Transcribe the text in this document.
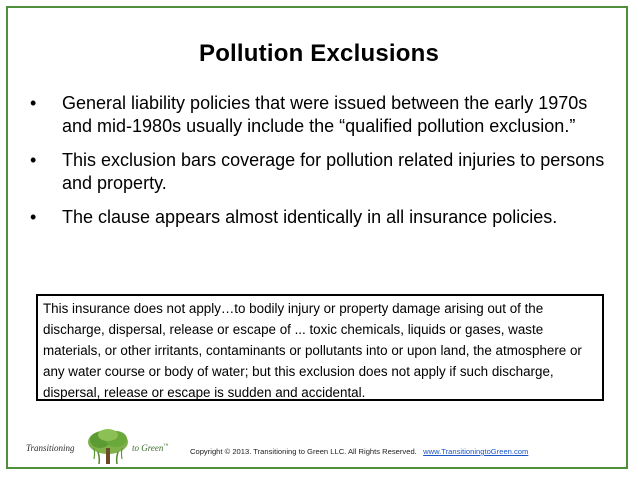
Pollution Exclusions
• General liability policies that were issued between the early 1970s and mid-1980s usually include the “qualified pollution exclusion.”
• This exclusion bars coverage for pollution related injuries to persons and property.
• The clause appears almost identically in all insurance policies.
This insurance does not apply…to bodily injury or property damage arising out of the discharge, dispersal, release or escape of ... toxic chemicals, liquids or gases, waste materials, or other irritants, contaminants or pollutants into or upon land, the atmosphere or any water course or body of water; but this exclusion does not apply if such discharge, dispersal, release or escape is sudden and accidental.
Transitioning	to Green™
Copyright © 2013. Transitioning to Green LLC. All Rights Reserved. www.TransitioningtoGreen.com
